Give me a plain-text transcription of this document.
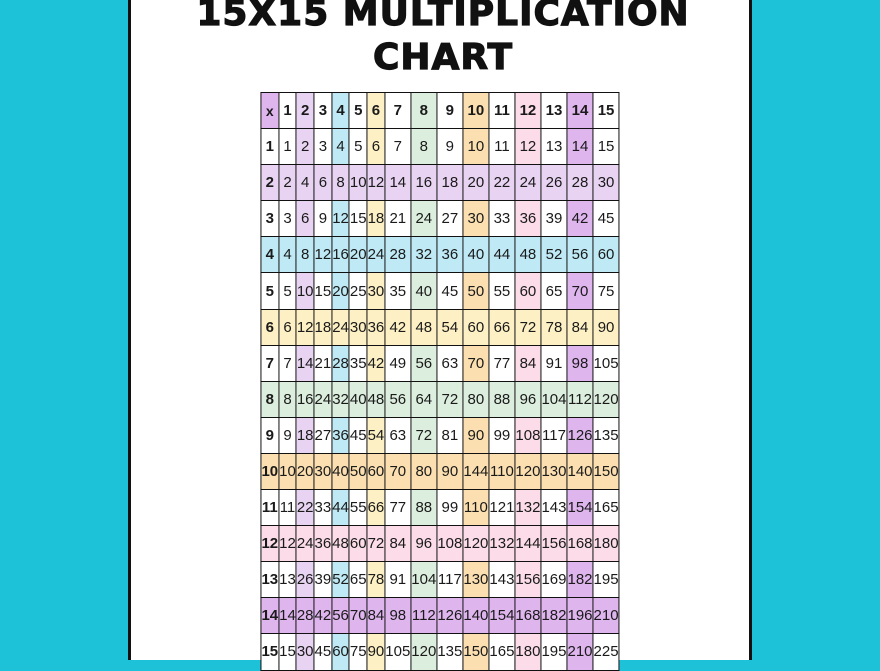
15X15 MULTIPLICATION
CHART
x	1	2	3	4	5	6	7	8	9	10	11	12	13	14	15
1	1	2	3	4	5	6	7	8	9	10	11	12	13	14	15
2	2	4	6	8	10	12	14	16	18	20	22	24	26	28	30
3	3	6	9	12	15	18	21	24	27	30	33	36	39	42	45
4	4	8	12	16	20	24	28	32	36	40	44	48	52	56	60
5	5	10	15	20	25	30	35	40	45	50	55	60	65	70	75
6	6	12	18	24	30	36	42	48	54	60	66	72	78	84	90
7	7	14	21	28	35	42	49	56	63	70	77	84	91	98	105
8	8	16	24	32	40	48	56	64	72	80	88	96	104	112	120
9	9	18	27	36	45	54	63	72	81	90	99	108	117	126	135
10	10	20	30	40	50	60	70	80	90	144	110	120	130	140	150
11	11	22	33	44	55	66	77	88	99	110	121	132	143	154	165
12	12	24	36	48	60	72	84	96	108	120	132	144	156	168	180
13	13	26	39	52	65	78	91	104	117	130	143	156	169	182	195
14	14	28	42	56	70	84	98	112	126	140	154	168	182	196	210
15	15	30	45	60	75	90	105	120	135	150	165	180	195	210	225
